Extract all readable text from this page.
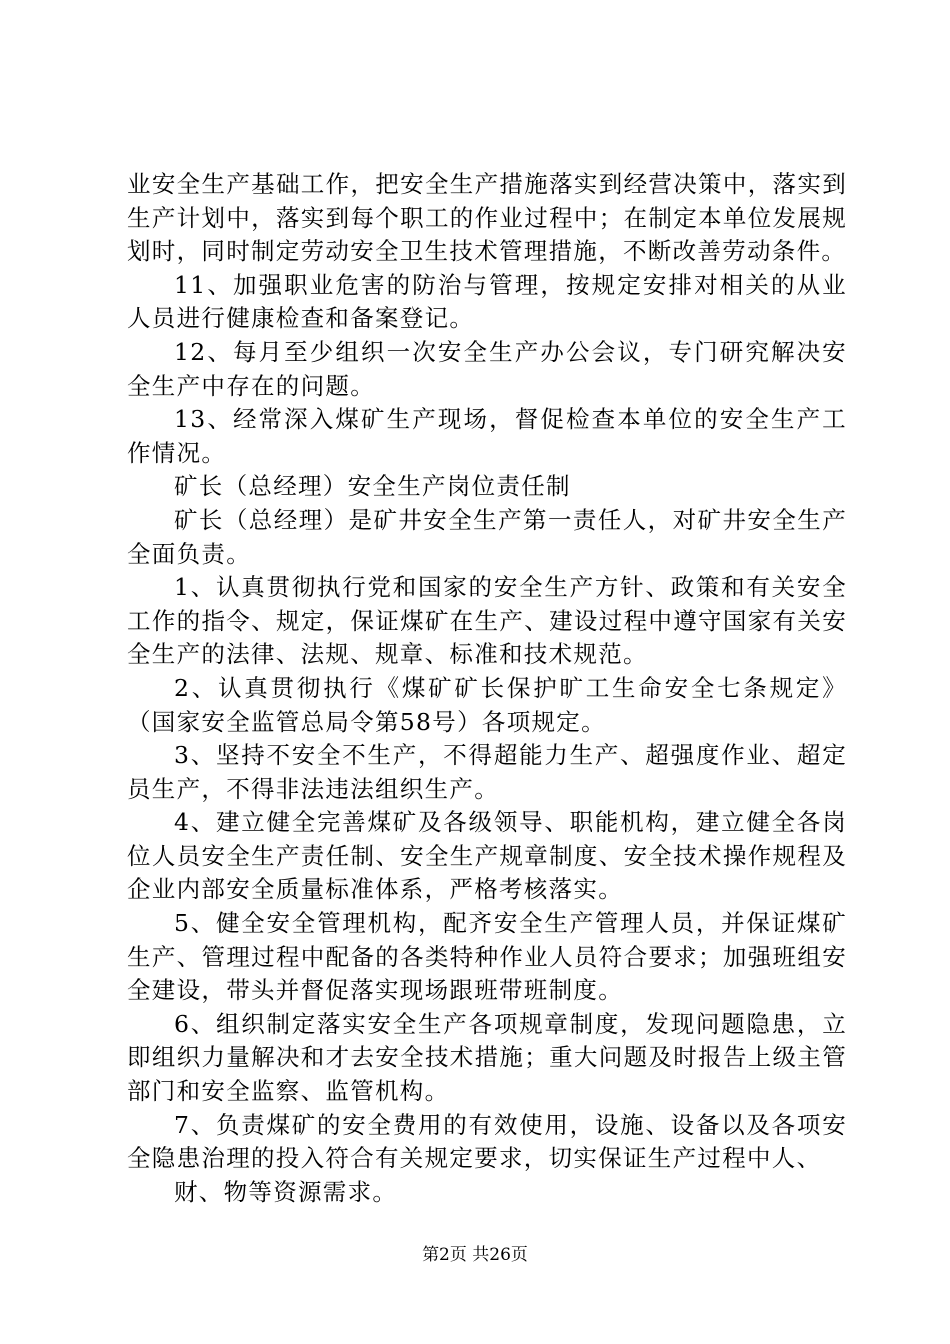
业安全生产基础工作，把安全生产措施落实到经营决策中，落实到生产计划中，落实到每个职工的作业过程中；在制定本单位发展规划时，同时制定劳动安全卫生技术管理措施，不断改善劳动条件。

11、加强职业危害的防治与管理，按规定安排对相关的从业人员进行健康检查和备案登记。

12、每月至少组织一次安全生产办公会议，专门研究解决安全生产中存在的问题。

13、经常深入煤矿生产现场，督促检查本单位的安全生产工作情况。

矿长（总经理）安全生产岗位责任制

矿长（总经理）是矿井安全生产第一责任人，对矿井安全生产全面负责。

1、认真贯彻执行党和国家的安全生产方针、政策和有关安全工作的指令、规定，保证煤矿在生产、建设过程中遵守国家有关安全生产的法律、法规、规章、标准和技术规范。

2、认真贯彻执行《煤矿矿长保护旷工生命安全七条规定》（国家安全监管总局令第58号）各项规定。

3、坚持不安全不生产，不得超能力生产、超强度作业、超定员生产，不得非法违法组织生产。

4、建立健全完善煤矿及各级领导、职能机构，建立健全各岗位人员安全生产责任制、安全生产规章制度、安全技术操作规程及企业内部安全质量标准体系，严格考核落实。

5、健全安全管理机构，配齐安全生产管理人员，并保证煤矿生产、管理过程中配备的各类特种作业人员符合要求；加强班组安全建设，带头并督促落实现场跟班带班制度。

6、组织制定落实安全生产各项规章制度，发现问题隐患，立即组织力量解决和才去安全技术措施；重大问题及时报告上级主管部门和安全监察、监管机构。

7、负责煤矿的安全费用的有效使用，设施、设备以及各项安全隐患治理的投入符合有关规定要求，切实保证生产过程中人、

财、物等资源需求。

第2页 共26页
